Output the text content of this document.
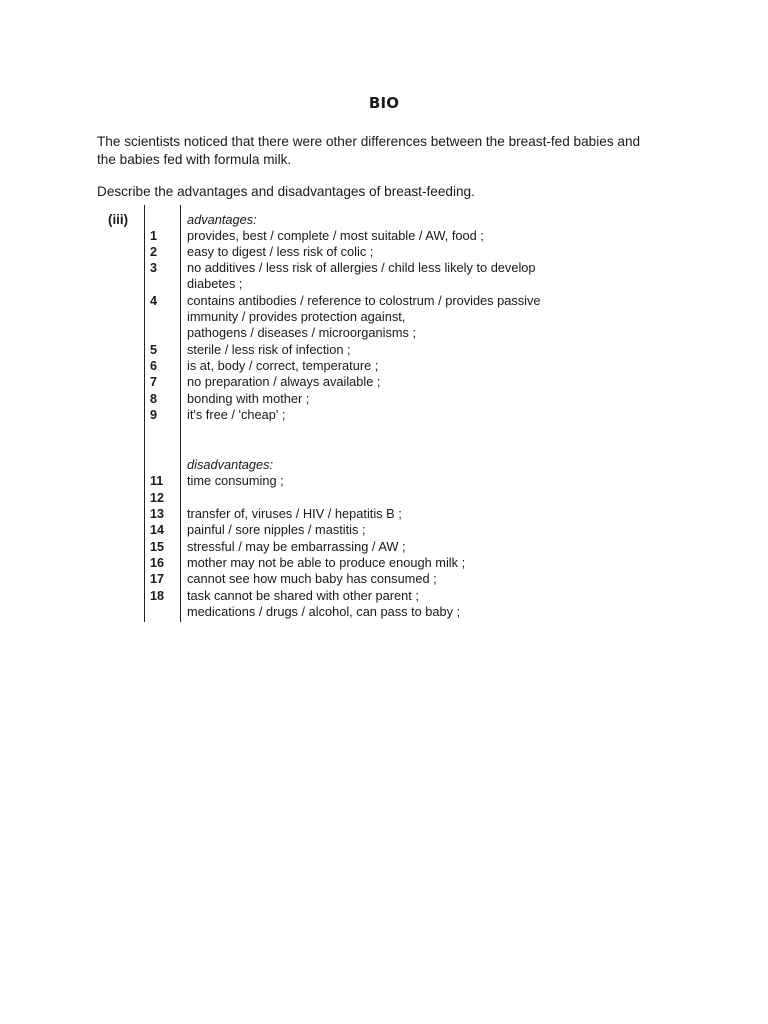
BIO
The scientists noticed that there were other differences between the breast-fed babies and the babies fed with formula milk.
Describe the advantages and disadvantages of breast-feeding.
(iii)	advantages:
1	provides, best / complete / most suitable / AW, food ;
2	easy to digest / less risk of colic ;
3	no additives / less risk of allergies / child less likely to develop
diabetes ;
4	contains antibodies / reference to colostrum / provides passive
immunity / provides protection against,
pathogens / diseases / microorganisms ;
5	sterile / less risk of infection ;
6	is at, body / correct, temperature ;
7	no preparation / always available ;
8	bonding with mother ;
9	it's free / 'cheap' ;
disadvantages:
11	time consuming ;
12
13	transfer of, viruses / HIV / hepatitis B ;
14	painful / sore nipples / mastitis ;
15	stressful / may be embarrassing / AW ;
16	mother may not be able to produce enough milk ;
17	cannot see how much baby has consumed ;
18	task cannot be shared with other parent ;
medications / drugs / alcohol, can pass to baby ;
